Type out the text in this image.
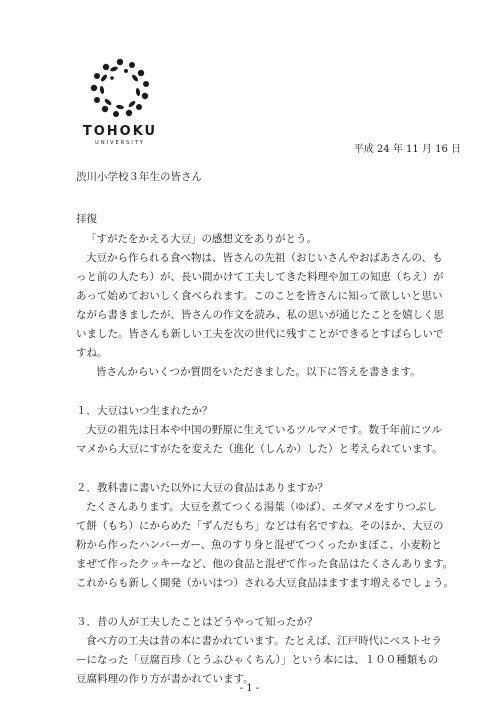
TOHOKU
UNIVERSITY
平成 24 年 11 月 16 日
渋川小学校３年生の皆さん
拝復
「すがたをかえる大豆」の感想文をありがとう。
大豆から作られる食べ物は、皆さんの先祖（おじいさんやおばあさんの、も
っと前の人たち）が、長い間かけて工夫してきた料理や加工の知恵（ちえ）が
あって始めておいしく食べられます。このことを皆さんに知って欲しいと思い
ながら書きましたが、皆さんの作文を読み、私の思いが通じたことを嬉しく思
いました。皆さんも新しい工夫を次の世代に残すことができるとすばらしいで
すね。
皆さんからいくつか質問をいただきました。以下に答えを書きます。
１．大豆はいつ生まれたか？
大豆の祖先は日本や中国の野原に生えているツルマメです。数千年前にツル
マメから大豆にすがたを変えた（進化（しんか）した）と考えられています。
２．教科書に書いた以外に大豆の食品はありますか？
たくさんあります。大豆を煮てつくる湯葉（ゆば）、エダマメをすりつぶし
て餅（もち）にからめた「ずんだもち」などは有名ですね。そのほか、大豆の
粉から作ったハンバーガー、魚のすり身と混ぜてつくったかまぼこ、小麦粉と
まぜて作ったクッキーなど、他の食品と混ぜて作った食品はたくさんあります。
これからも新しく開発（かいはつ）される大豆食品はますます増えるでしょう。
３．昔の人が工夫したことはどうやって知ったか？
食べ方の工夫は昔の本に書かれています。たとえば、江戸時代にベストセラ
ーになった「豆腐百珍（とうふひゃくちん）」という本には、１００種類もの
豆腐料理の作り方が書かれています。
- 1 -
